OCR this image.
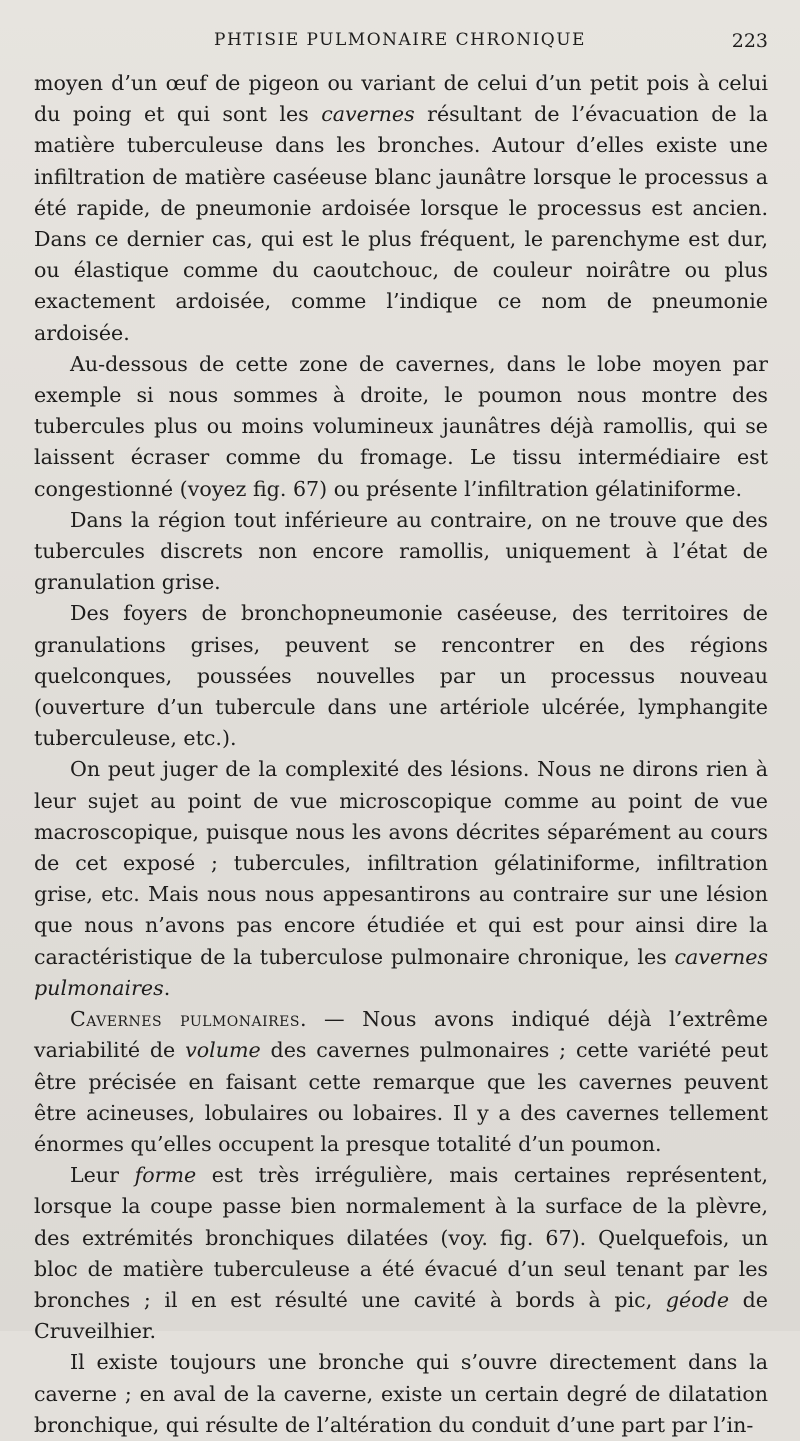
PHTISIE PULMONAIRE CHRONIQUE	223

moyen d’un œuf de pigeon ou variant de celui d’un petit pois à celui du poing et qui sont les cavernes résultant de l’évacuation de la matière tuberculeuse dans les bronches. Autour d’elles existe une infiltration de matière caséeuse blanc jaunâtre lorsque le processus a été rapide, de pneumonie ardoisée lorsque le processus est ancien. Dans ce dernier cas, qui est le plus fréquent, le parenchyme est dur, ou élastique comme du caoutchouc, de couleur noirâtre ou plus exactement ardoisée, comme l’indique ce nom de pneumonie ardoisée.

Au-dessous de cette zone de cavernes, dans le lobe moyen par exemple si nous sommes à droite, le poumon nous montre des tubercules plus ou moins volumineux jaunâtres déjà ramollis, qui se laissent écraser comme du fromage. Le tissu intermédiaire est congestionné (voyez fig. 67) ou présente l’infiltration gélatiniforme.

Dans la région tout inférieure au contraire, on ne trouve que des tubercules discrets non encore ramollis, uniquement à l’état de granulation grise.

Des foyers de bronchopneumonie caséeuse, des territoires de granulations grises, peuvent se rencontrer en des régions quelconques, poussées nouvelles par un processus nouveau (ouverture d’un tubercule dans une artériole ulcérée, lymphangite tuberculeuse, etc.).

On peut juger de la complexité des lésions. Nous ne dirons rien à leur sujet au point de vue microscopique comme au point de vue macroscopique, puisque nous les avons décrites séparément au cours de cet exposé ; tubercules, infiltration gélatiniforme, infiltration grise, etc. Mais nous nous appesantirons au contraire sur une lésion que nous n’avons pas encore étudiée et qui est pour ainsi dire la caractéristique de la tuberculose pulmonaire chronique, les cavernes pulmonaires.

Cavernes pulmonaires. — Nous avons indiqué déjà l’extrême variabilité de volume des cavernes pulmonaires ; cette variété peut être précisée en faisant cette remarque que les cavernes peuvent être acineuses, lobulaires ou lobaires. Il y a des cavernes tellement énormes qu’elles occupent la presque totalité d’un poumon.

Leur forme est très irrégulière, mais certaines représentent, lorsque la coupe passe bien normalement à la surface de la plèvre, des extrémités bronchiques dilatées (voy. fig. 67). Quelquefois, un bloc de matière tuberculeuse a été évacué d’un seul tenant par les bronches ; il en est résulté une cavité à bords à pic, géode de Cruveilhier.

Il existe toujours une bronche qui s’ouvre directement dans la caverne ; en aval de la caverne, existe un certain degré de dilatation bronchique, qui résulte de l’altération du conduit d’une part par l’in-
